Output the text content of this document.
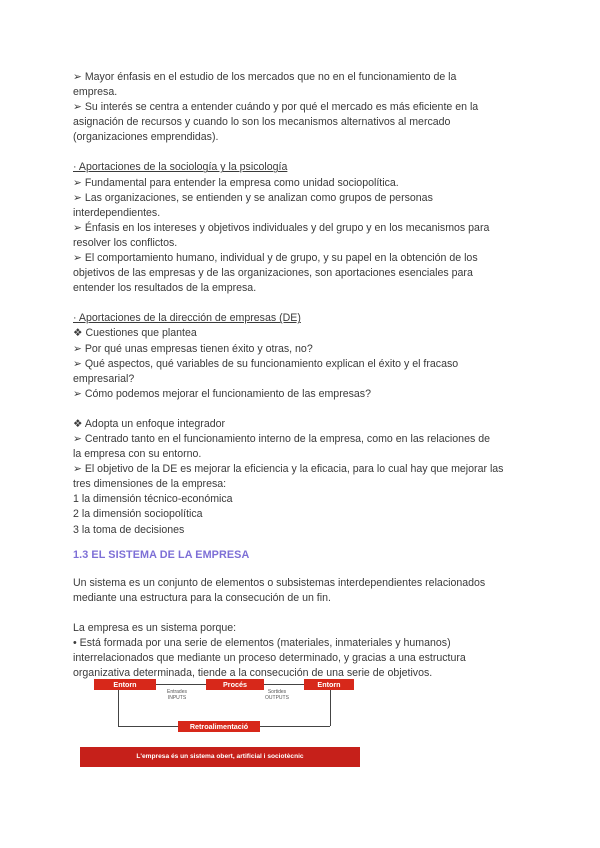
➢ Mayor énfasis en el estudio de los mercados que no en el funcionamiento de la

empresa.

➢ Su interés se centra a entender cuándo y por qué el mercado es más eficiente en la

asignación de recursos y cuando lo son los mecanismos alternativos al mercado

(organizaciones emprendidas).

· Aportaciones de la sociología y la psicología

➢ Fundamental para entender la empresa como unidad sociopolítica.

➢ Las organizaciones, se entienden y se analizan como grupos de personas

interdependientes.

➢ Énfasis en los intereses y objetivos individuales y del grupo y en los mecanismos para

resolver los conflictos.

➢ El comportamiento humano, individual y de grupo, y su papel en la obtención de los

objetivos de las empresas y de las organizaciones, son aportaciones esenciales para

entender los resultados de la empresa.

· Aportaciones de la dirección de empresas (DE)

❖ Cuestiones que plantea

➢ Por qué unas empresas tienen éxito y otras, no?

➢ Qué aspectos, qué variables de su funcionamiento explican el éxito y el fracaso

empresarial?

➢ Cómo podemos mejorar el funcionamiento de las empresas?

❖ Adopta un enfoque integrador

➢ Centrado tanto en el funcionamiento interno de la empresa, como en las relaciones de

la empresa con su entorno.

➢ El objetivo de la DE es mejorar la eficiencia y la eficacia, para lo cual hay que mejorar las

tres dimensiones de la empresa:

1 la dimensión técnico-económica

2 la dimensión sociopolítica

3 la toma de decisiones

1.3 EL SISTEMA DE LA EMPRESA

Un sistema es un conjunto de elementos o subsistemas interdependientes relacionados

mediante una estructura para la consecución de un fin.

La empresa es un sistema porque:

• Está formada por una serie de elementos (materiales, inmateriales y humanos)

interrelacionados que mediante un proceso determinado, y gracias a una estructura

organizativa determinada, tiende a la consecución de una serie de objetivos.

Entorn	Procés	Entorn
Entrades
INPUTS
Sortides
OUTPUTS
Retroalimentació
L'empresa és un sistema obert, artificial i sociotècnic
